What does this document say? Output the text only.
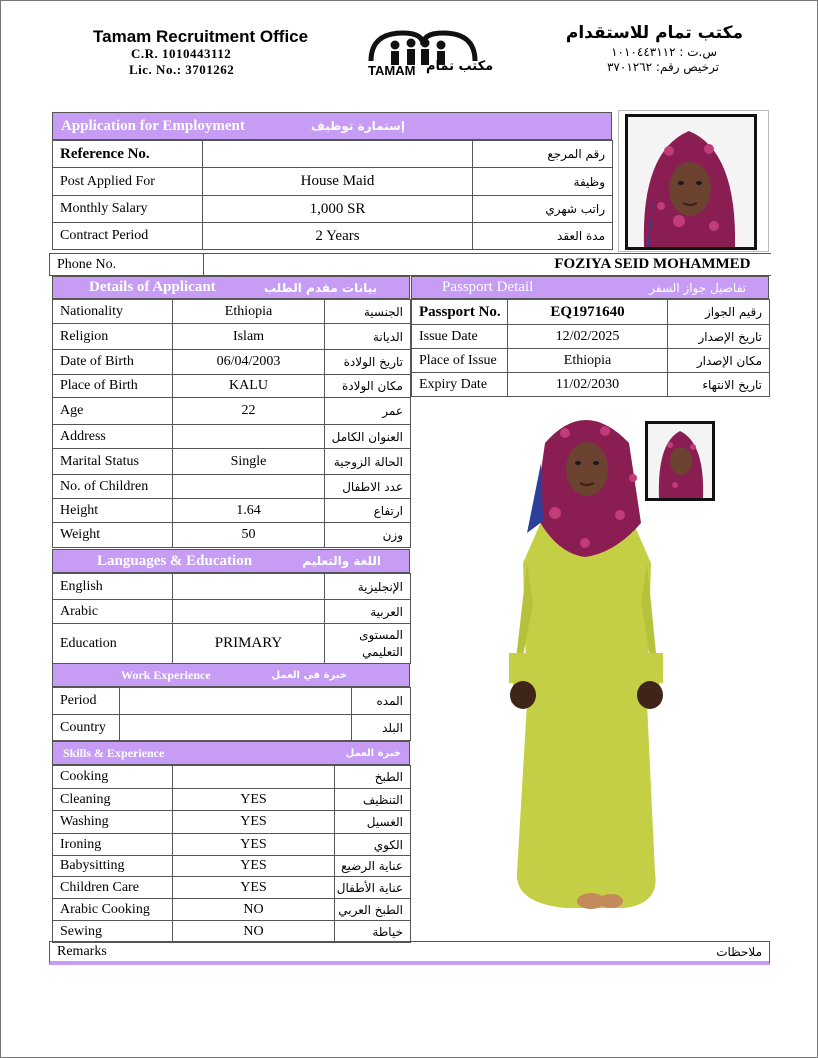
Tamam Recruitment Office
C.R. 1010443112
Lic. No.: 3701262	TAMAM مكتب تمام
مكتب تمام للاستقدام
س.ت : ١٠١٠٤٤٣١١٢
ترخيص رقم: ٣٧٠١٢٦٢
Application for Employment	إستمارة توظيف
Reference No.		رقم المرجع
Post Applied For	House Maid	وظيفة
Monthly Salary	1,000 SR	راتب شهري
Contract Period	2 Years	مدة العقد
Phone No.	FOZIYA SEID MOHAMMED
Details of Applicant	بيانات مقدم الطلب
Nationality	Ethiopia	الجنسية
Religion	Islam	الديانة
Date of Birth	06/04/2003	تاريخ الولادة
Place of Birth	KALU	مكان الولادة
Age	22	عمر
Address		العنوان الكامل
Marital Status	Single	الحالة الزوجية
No. of Children		عدد الاطفال
Height	1.64	ارتفاع
Weight	50	وزن
Passport Detail	تفاصيل جواز السفر
Passport No.	EQ1971640	رقيم الجواز
Issue Date	12/02/2025	تاريخ الإصدار
Place of Issue	Ethiopia	مكان الإصدار
Expiry Date	11/02/2030	تاريخ الانتهاء
Languages & Education	اللغة والتعليم
English		الإنجليزية
Arabic		العربية
Education	PRIMARY	المستوى التعليمي
Work Experience	خبرة في العمل
Period		المده
Country		البلد
Skills & Experience	خبرة العمل
Cooking		الطبخ
Cleaning	YES	التنظيف
Washing	YES	الغسيل
Ironing	YES	الكوي
Babysitting	YES	عناية الرضيع
Children Care	YES	عناية الأطفال
Arabic Cooking	NO	الطبخ العربي
Sewing	NO	خياطة
Remarks	ملاحظات
